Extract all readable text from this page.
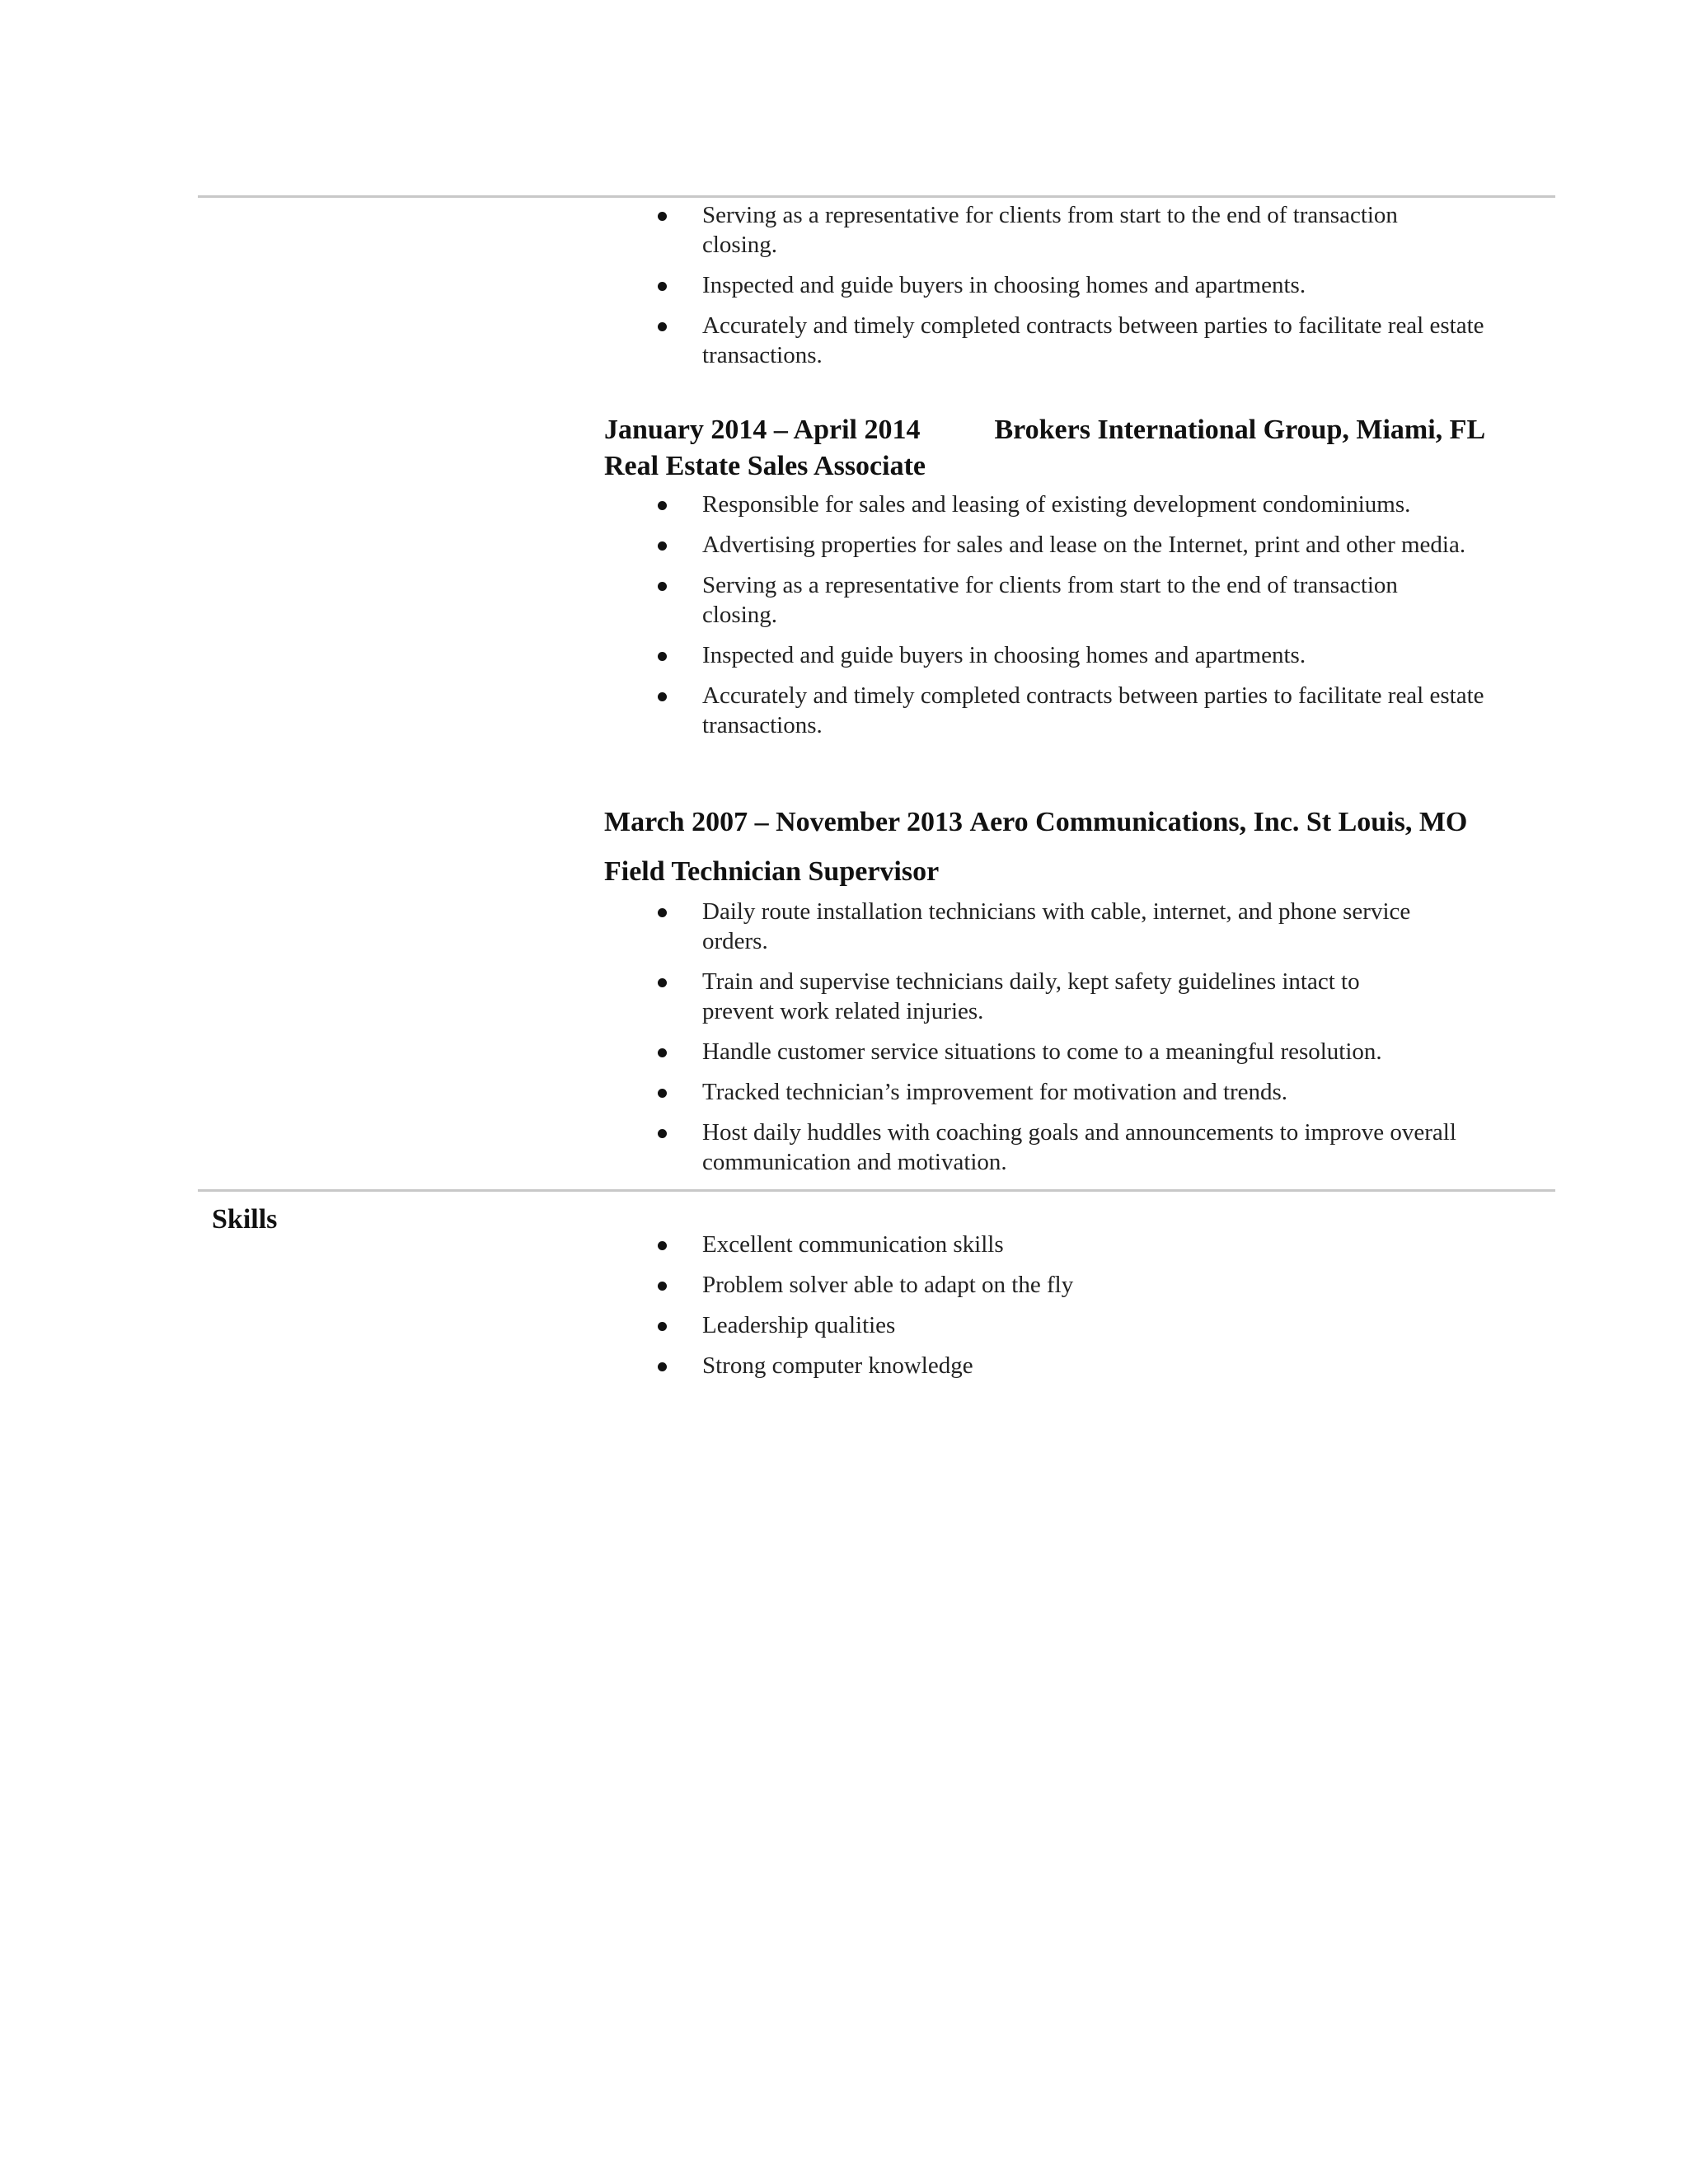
Serving as a representative for clients from start to the end of transaction closing.
Inspected and guide buyers in choosing homes and apartments.
Accurately and timely completed contracts between parties to facilitate real estate transactions.
January 2014 – April 2014	Brokers International Group, Miami, FL
Real Estate Sales Associate
Responsible for sales and leasing of existing development condominiums.
Advertising properties for sales and lease on the Internet, print and other media.
Serving as a representative for clients from start to the end of transaction closing.
Inspected and guide buyers in choosing homes and apartments.
Accurately and timely completed contracts between parties to facilitate real estate transactions.
March 2007 – November 2013 Aero Communications, Inc. St Louis, MO
Field Technician Supervisor
Daily route installation technicians with cable, internet, and phone service orders.
Train and supervise technicians daily, kept safety guidelines intact to prevent work related injuries.
Handle customer service situations to come to a meaningful resolution.
Tracked technician’s improvement for motivation and trends.
Host daily huddles with coaching goals and announcements to improve overall communication and motivation.
Skills
Excellent communication skills
Problem solver able to adapt on the fly
Leadership qualities
Strong computer knowledge
